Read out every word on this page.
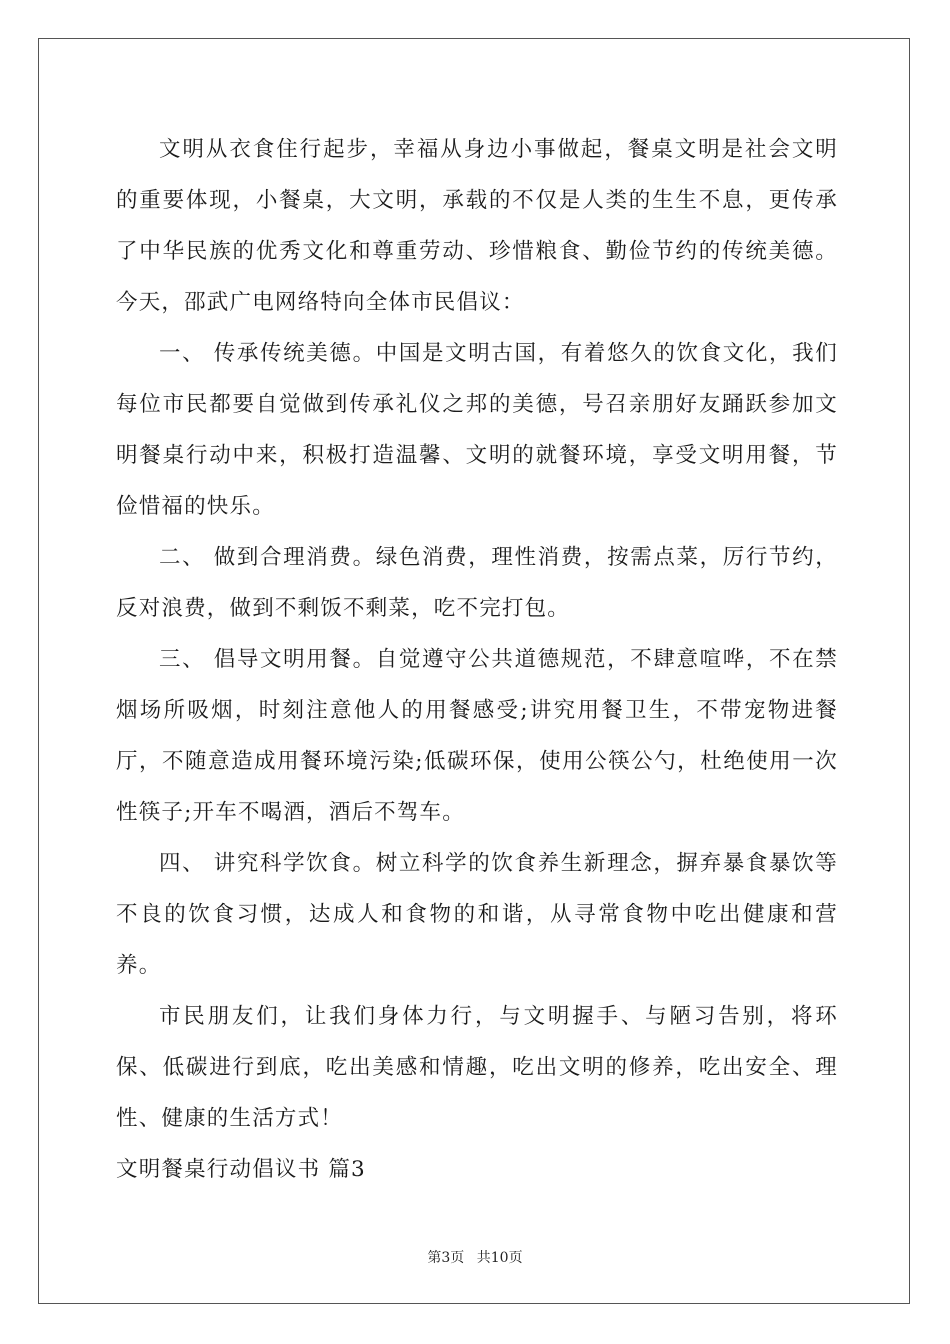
文明从衣食住行起步，幸福从身边小事做起，餐桌文明是社会文明的重要体现，小餐桌，大文明，承载的不仅是人类的生生不息，更传承了中华民族的优秀文化和尊重劳动、珍惜粮食、勤俭节约的传统美德。今天，邵武广电网络特向全体市民倡议：

一、 传承传统美德。中国是文明古国，有着悠久的饮食文化，我们每位市民都要自觉做到传承礼仪之邦的美德，号召亲朋好友踊跃参加文明餐桌行动中来，积极打造温馨、文明的就餐环境，享受文明用餐，节俭惜福的快乐。

二、 做到合理消费。绿色消费，理性消费，按需点菜，厉行节约，反对浪费，做到不剩饭不剩菜，吃不完打包。

三、 倡导文明用餐。自觉遵守公共道德规范，不肆意喧哗，不在禁烟场所吸烟，时刻注意他人的用餐感受;讲究用餐卫生，不带宠物进餐厅，不随意造成用餐环境污染;低碳环保，使用公筷公勺，杜绝使用一次性筷子;开车不喝酒，酒后不驾车。

四、 讲究科学饮食。树立科学的饮食养生新理念，摒弃暴食暴饮等不良的饮食习惯，达成人和食物的和谐，从寻常食物中吃出健康和营养。

市民朋友们，让我们身体力行，与文明握手、与陋习告别，将环保、低碳进行到底，吃出美感和情趣，吃出文明的修养，吃出安全、理性、健康的生活方式！

文明餐桌行动倡议书 篇3

第3页 共10页
